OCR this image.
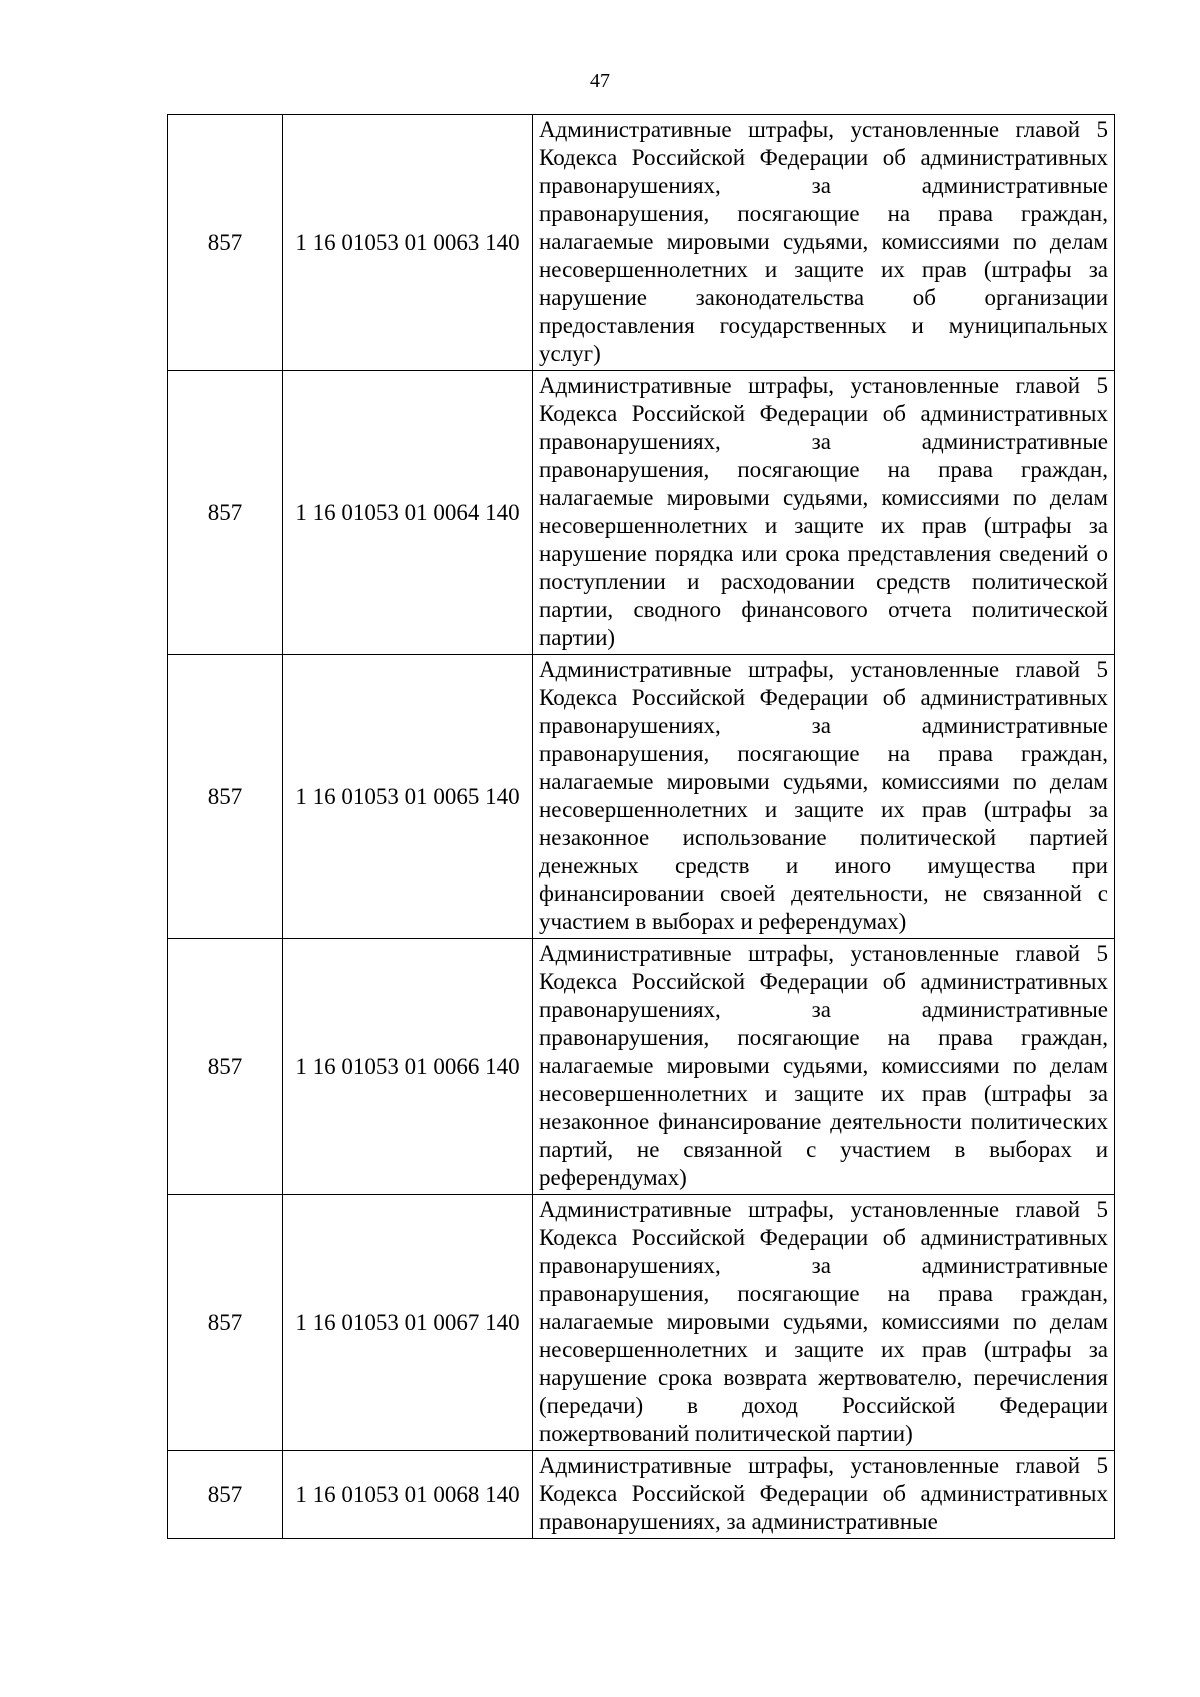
47
857	1 16 01053 01 0063 140	Административные штрафы, установленные главой 5 Кодекса Российской Федерации об административных правонарушениях, за административные правонарушения, посягающие на права граждан, налагаемые мировыми судьями, комиссиями по делам несовершеннолетних и защите их прав (штрафы за нарушение законодательства об организации предоставления государственных и муниципальных услуг)
857	1 16 01053 01 0064 140	Административные штрафы, установленные главой 5 Кодекса Российской Федерации об административных правонарушениях, за административные правонарушения, посягающие на права граждан, налагаемые мировыми судьями, комиссиями по делам несовершеннолетних и защите их прав (штрафы за нарушение порядка или срока представления сведений о поступлении и расходовании средств политической партии, сводного финансового отчета политической партии)
857	1 16 01053 01 0065 140	Административные штрафы, установленные главой 5 Кодекса Российской Федерации об административных правонарушениях, за административные правонарушения, посягающие на права граждан, налагаемые мировыми судьями, комиссиями по делам несовершеннолетних и защите их прав (штрафы за незаконное использование политической партией денежных средств и иного имущества при финансировании своей деятельности, не связанной с участием в выборах и референдумах)
857	1 16 01053 01 0066 140	Административные штрафы, установленные главой 5 Кодекса Российской Федерации об административных правонарушениях, за административные правонарушения, посягающие на права граждан, налагаемые мировыми судьями, комиссиями по делам несовершеннолетних и защите их прав (штрафы за незаконное финансирование деятельности политических партий, не связанной с участием в выборах и референдумах)
857	1 16 01053 01 0067 140	Административные штрафы, установленные главой 5 Кодекса Российской Федерации об административных правонарушениях, за административные правонарушения, посягающие на права граждан, налагаемые мировыми судьями, комиссиями по делам несовершеннолетних и защите их прав (штрафы за нарушение срока возврата жертвователю, перечисления (передачи) в доход Российской Федерации пожертвований политической партии)
857	1 16 01053 01 0068 140	Административные штрафы, установленные главой 5 Кодекса Российской Федерации об административных правонарушениях, за административные
